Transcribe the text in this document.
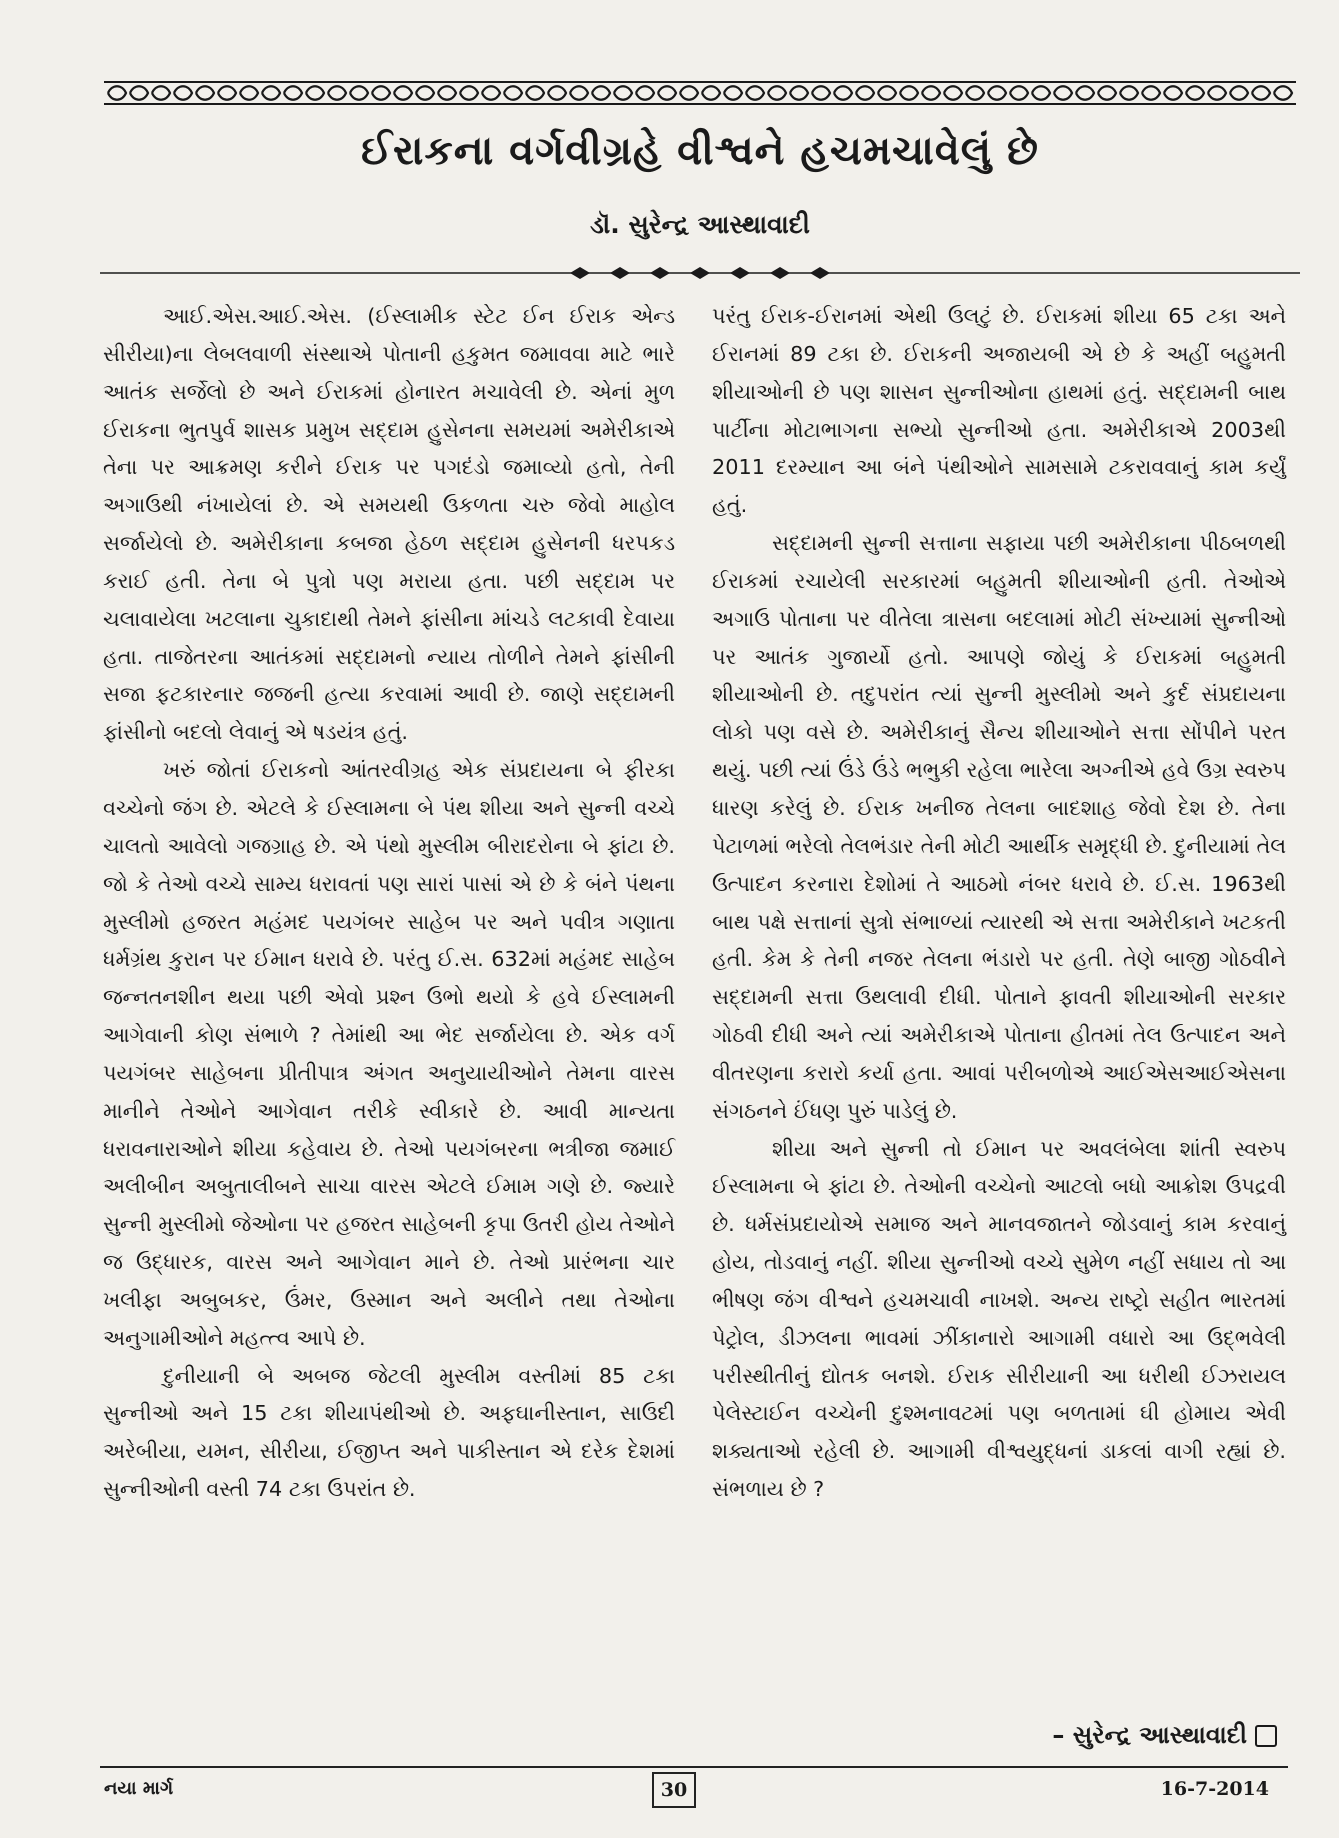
ઈરાકના વર્ગવીગ્રહે વીશ્વને હચમચાવેલું છે
ડૉ. સુરેન્દ્ર આસ્થાવાદી

આઈ.એસ.આઈ.એસ. (ઈસ્લામીક સ્ટેટ ઈન ઈરાક એન્ડ સીરીયા)ના લેબલવાળી સંસ્થાએ પોતાની હકુમત જમાવવા માટે ભારે આતંક સર્જેલો છે અને ઈરાકમાં હોનારત મચાવેલી છે. એનાં મુળ ઈરાકના ભુતપુર્વ શાસક પ્રમુખ સદ્દામ હુસેનના સમયમાં અમેરીકાએ તેના પર આક્રમણ કરીને ઈરાક પર પગદંડો જમાવ્યો હતો, તેની અગાઉથી નંખાયેલાં છે. એ સમયથી ઉકળતા ચરુ જેવો માહોલ સર્જાયેલો છે. અમેરીકાના કબજા હેઠળ સદ્દામ હુસેનની ધરપકડ કરાઈ હતી. તેના બે પુત્રો પણ મરાયા હતા. પછી સદ્દામ પર ચલાવાયેલા ખટલાના ચુકાદાથી તેમને ફાંસીના માંચડે લટકાવી દેવાયા હતા. તાજેતરના આતંકમાં સદ્દામનો ન્યાય તોળીને તેમને ફાંસીની સજા ફટકારનાર જજની હત્યા કરવામાં આવી છે. જાણે સદ્દામની ફાંસીનો બદલો લેવાનું એ ષડયંત્ર હતું.

ખરું જોતાં ઈરાકનો આંતરવીગ્રહ એક સંપ્રદાયના બે ફીરકા વચ્ચેનો જંગ છે. એટલે કે ઈસ્લામના બે પંથ શીયા અને સુન્ની વચ્ચે ચાલતો આવેલો ગજગ્રાહ છે. એ પંથો મુસ્લીમ બીરાદરોના બે ફાંટા છે. જો કે તેઓ વચ્ચે સામ્ય ધરાવતાં પણ સારાં પાસાં એ છે કે બંને પંથના મુસ્લીમો હજરત મહંમદ પયગંબર સાહેબ પર અને પવીત્ર ગણાતા ધર્મગ્રંથ કુરાન પર ઈમાન ધરાવે છે. પરંતુ ઈ.સ. 632માં મહંમદ સાહેબ જન્નતનશીન થયા પછી એવો પ્રશ્ન ઉભો થયો કે હવે ઈસ્લામની આગેવાની કોણ સંભાળે ? તેમાંથી આ ભેદ સર્જાયેલા છે. એક વર્ગ પયગંબર સાહેબના પ્રીતીપાત્ર અંગત અનુયાયીઓને તેમના વારસ માનીને તેઓને આગેવાન તરીકે સ્વીકારે છે. આવી માન્યતા ધરાવનારાઓને શીયા કહેવાય છે. તેઓ પયગંબરના ભત્રીજા જમાઈ અલીબીન અબુતાલીબને સાચા વારસ એટલે ઈમામ ગણે છે. જ્યારે સુન્ની મુસ્લીમો જેઓના પર હજરત સાહેબની કૃપા ઉતરી હોય તેઓને જ ઉદ્ધારક, વારસ અને આગેવાન માને છે. તેઓ પ્રારંભના ચાર ખલીફા અબુબકર, ઉંમર, ઉસ્માન અને અલીને તથા તેઓના અનુગામીઓને મહત્ત્વ આપે છે.

દુનીયાની બે અબજ જેટલી મુસ્લીમ વસ્તીમાં 85 ટકા સુન્નીઓ અને 15 ટકા શીયાપંથીઓ છે. અફઘાનીસ્તાન, સાઉદી અરેબીયા, યમન, સીરીયા, ઈજીપ્ત અને પાકીસ્તાન એ દરેક દેશમાં સુન્નીઓની વસ્તી 74 ટકા ઉપરાંત છે.

પરંતુ ઈરાક-ઈરાનમાં એથી ઉલટું છે. ઈરાકમાં શીયા 65 ટકા અને ઈરાનમાં 89 ટકા છે. ઈરાકની અજાયબી એ છે કે અહીં બહુમતી શીયાઓની છે પણ શાસન સુન્નીઓના હાથમાં હતું. સદ્દામની બાથ પાર્ટીના મોટાભાગના સભ્યો સુન્નીઓ હતા. અમેરીકાએ 2003થી 2011 દરમ્યાન આ બંને પંથીઓને સામસામે ટકરાવવાનું કામ કર્યું હતું.

સદ્દામની સુન્ની સત્તાના સફાયા પછી અમેરીકાના પીઠબળથી ઈરાકમાં રચાયેલી સરકારમાં બહુમતી શીયાઓની હતી. તેઓએ અગાઉ પોતાના પર વીતેલા ત્રાસના બદલામાં મોટી સંખ્યામાં સુન્નીઓ પર આતંક ગુજાર્યો હતો. આપણે જોયું કે ઈરાકમાં બહુમતી શીયાઓની છે. તદુપરાંત ત્યાં સુન્ની મુસ્લીમો અને કુર્દ સંપ્રદાયના લોકો પણ વસે છે. અમેરીકાનું સૈન્ય શીયાઓને સત્તા સોંપીને પરત થયું. પછી ત્યાં ઉંડે ઉંડે ભભુકી રહેલા ભારેલા અગ્નીએ હવે ઉગ્ર સ્વરુપ ધારણ કરેલું છે. ઈરાક ખનીજ તેલના બાદશાહ જેવો દેશ છે. તેના પેટાળમાં ભરેલો તેલભંડાર તેની મોટી આર્થીક સમૃદ્ધી છે. દુનીયામાં તેલ ઉત્પાદન કરનારા દેશોમાં તે આઠમો નંબર ધરાવે છે. ઈ.સ. 1963થી બાથ પક્ષે સત્તાનાં સુત્રો સંભાળ્યાં ત્યારથી એ સત્તા અમેરીકાને ખટકતી હતી. કેમ કે તેની નજર તેલના ભંડારો પર હતી. તેણે બાજી ગોઠવીને સદ્દામની સત્તા ઉથલાવી દીધી. પોતાને ફાવતી શીયાઓની સરકાર ગોઠવી દીધી અને ત્યાં અમેરીકાએ પોતાના હીતમાં તેલ ઉત્પાદન અને વીતરણના કરારો કર્યા હતા. આવાં પરીબળોએ આઈએસઆઈએસના સંગઠનને ઈંધણ પુરું પાડેલું છે.

શીયા અને સુન્ની તો ઈમાન પર અવલંબેલા શાંતી સ્વરુપ ઈસ્લામના બે ફાંટા છે. તેઓની વચ્ચેનો આટલો બધો આક્રોશ ઉપદ્રવી છે. ધર્મસંપ્રદાયોએ સમાજ અને માનવજાતને જોડવાનું કામ કરવાનું હોય, તોડવાનું નહીં. શીયા સુન્નીઓ વચ્ચે સુમેળ નહીં સધાય તો આ ભીષણ જંગ વીશ્વને હચમચાવી નાખશે. અન્ય રાષ્ટ્રો સહીત ભારતમાં પેટ્રોલ, ડીઝલના ભાવમાં ઝીંકાનારો આગામી વધારો આ ઉદ્ભવેલી પરીસ્થીતીનું દ્યોતક બનશે. ઈરાક સીરીયાની આ ધરીથી ઈઝરાયલ પેલેસ્ટાઈન વચ્ચેની દુશ્મનાવટમાં પણ બળતામાં ઘી હોમાય એવી શક્યતાઓ રહેલી છે. આગામી વીશ્વયુદ્ધનાં ડાકલાં વાગી રહ્યાં છે. સંભળાય છે ?

– સુરેન્દ્ર આસ્થાવાદી
નયા માર્ગ	30	16-7-2014
